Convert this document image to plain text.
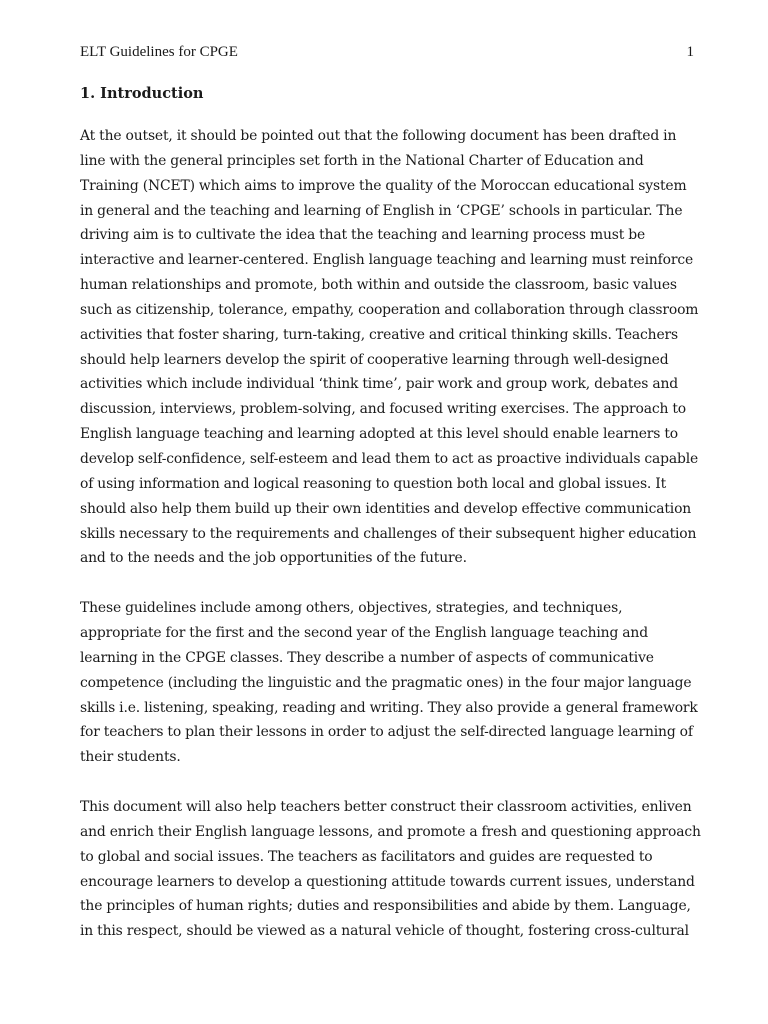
ELT Guidelines for CPGE	1
1. Introduction

At the outset, it should be pointed out that the following document has been drafted in
line with the general principles set forth in the National Charter of Education and
Training (NCET) which aims to improve the quality of the Moroccan educational system
in general and the teaching and learning of English in ‘CPGE’ schools in particular. The
driving aim is to cultivate the idea that the teaching and learning process must be
interactive and learner-centered. English language teaching and learning must reinforce
human relationships and promote, both within and outside the classroom, basic values
such as citizenship, tolerance, empathy, cooperation and collaboration through classroom
activities that foster sharing, turn-taking, creative and critical thinking skills. Teachers
should help learners develop the spirit of cooperative learning through well-designed
activities which include individual ‘think time’, pair work and group work, debates and
discussion, interviews, problem-solving, and focused writing exercises. The approach to
English language teaching and learning adopted at this level should enable learners to
develop self-confidence, self-esteem and lead them to act as proactive individuals capable
of using information and logical reasoning to question both local and global issues. It
should also help them build up their own identities and develop effective communication
skills necessary to the requirements and challenges of their subsequent higher education
and to the needs and the job opportunities of the future.

These guidelines include among others, objectives, strategies, and techniques,
appropriate for the first and the second year of the English language teaching and
learning in the CPGE classes. They describe a number of aspects of communicative
competence (including the linguistic and the pragmatic ones) in the four major language
skills i.e. listening, speaking, reading and writing. They also provide a general framework
for teachers to plan their lessons in order to adjust the self-directed language learning of
their students.

This document will also help teachers better construct their classroom activities, enliven
and enrich their English language lessons, and promote a fresh and questioning approach
to global and social issues. The teachers as facilitators and guides are requested to
encourage learners to develop a questioning attitude towards current issues, understand
the principles of human rights; duties and responsibilities and abide by them. Language,
in this respect, should be viewed as a natural vehicle of thought, fostering cross-cultural
